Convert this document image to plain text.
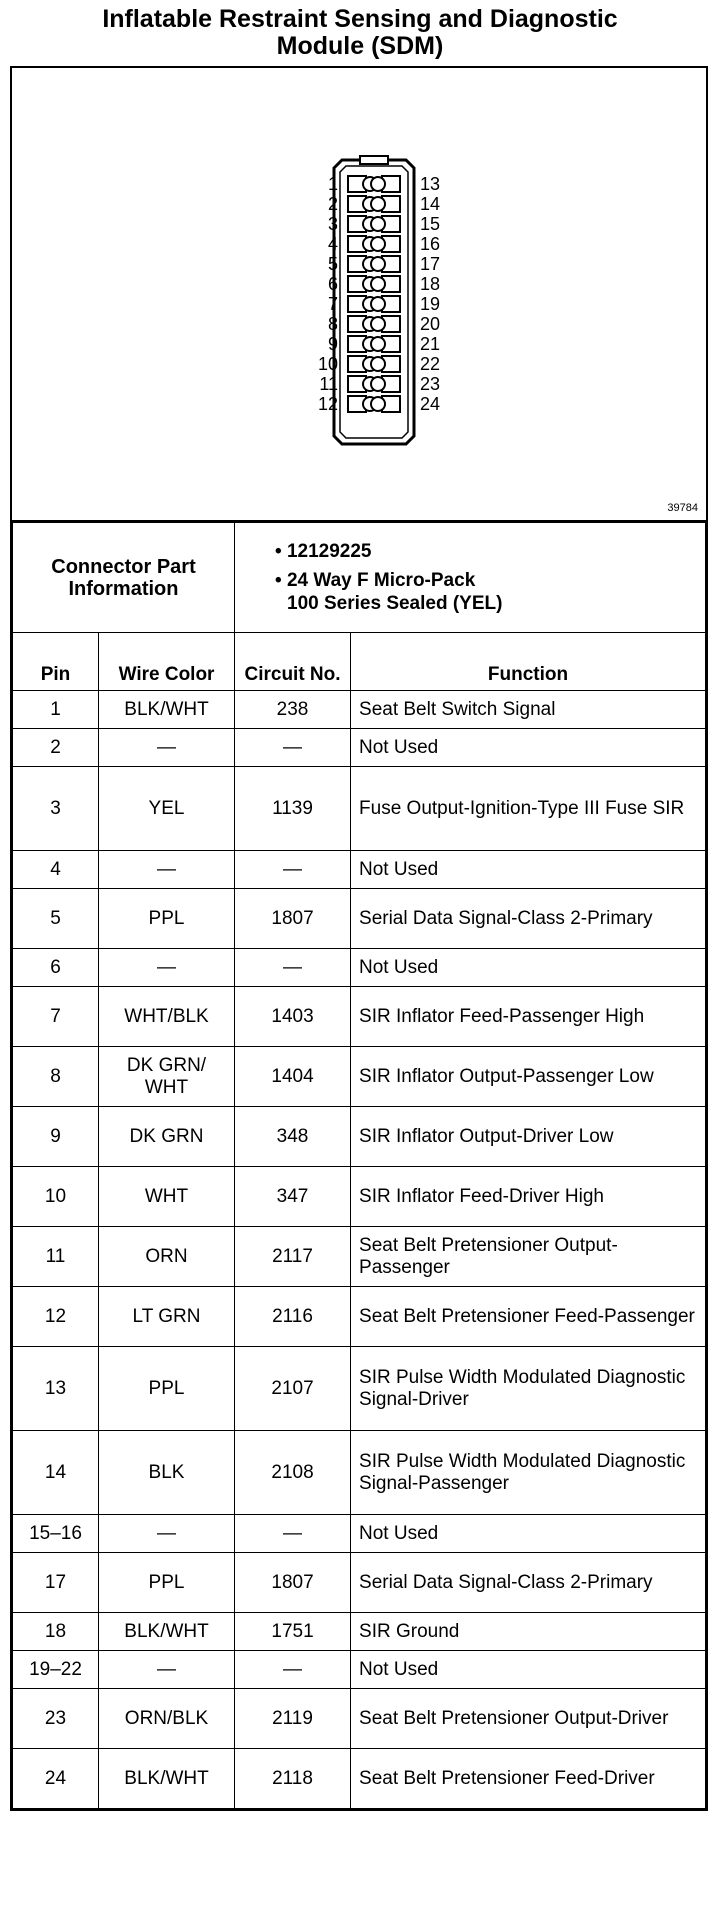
Inflatable Restraint Sensing and Diagnostic
Module (SDM)
1
2
3
4
5
6
7
8
9
10
11
12
13
14
15
16
17
18
19
20
21
22
23
24
39784
Connector Part Information		• 12129225
• 24 Way F Micro-Pack
100 Series Sealed (YEL)	

Pin	Wire Color	Circuit No.	Function
1	BLK/WHT	238	Seat Belt Switch Signal
2	—	—	Not Used
3	YEL	1139	Fuse Output-Ignition-Type III Fuse SIR
4	—	—	Not Used
5	PPL	1807	Serial Data Signal-Class 2-Primary
6	—	—	Not Used
7	WHT/BLK	1403	SIR Inflator Feed-Passenger High
8	DK GRN/ WHT	1404	SIR Inflator Output-Passenger Low
9	DK GRN	348	SIR Inflator Output-Driver Low
10	WHT	347	SIR Inflator Feed-Driver High
11	ORN	2117	Seat Belt Pretensioner Output-Passenger
12	LT GRN	2116	Seat Belt Pretensioner Feed-Passenger
13	PPL	2107	SIR Pulse Width Modulated Diagnostic Signal-Driver
14	BLK	2108	SIR Pulse Width Modulated Diagnostic Signal-Passenger
15–16	—	—	Not Used
17	PPL	1807	Serial Data Signal-Class 2-Primary
18	BLK/WHT	1751	SIR Ground
19–22	—	—	Not Used
23	ORN/BLK	2119	Seat Belt Pretensioner Output-Driver
24	BLK/WHT	2118	Seat Belt Pretensioner Feed-Driver
